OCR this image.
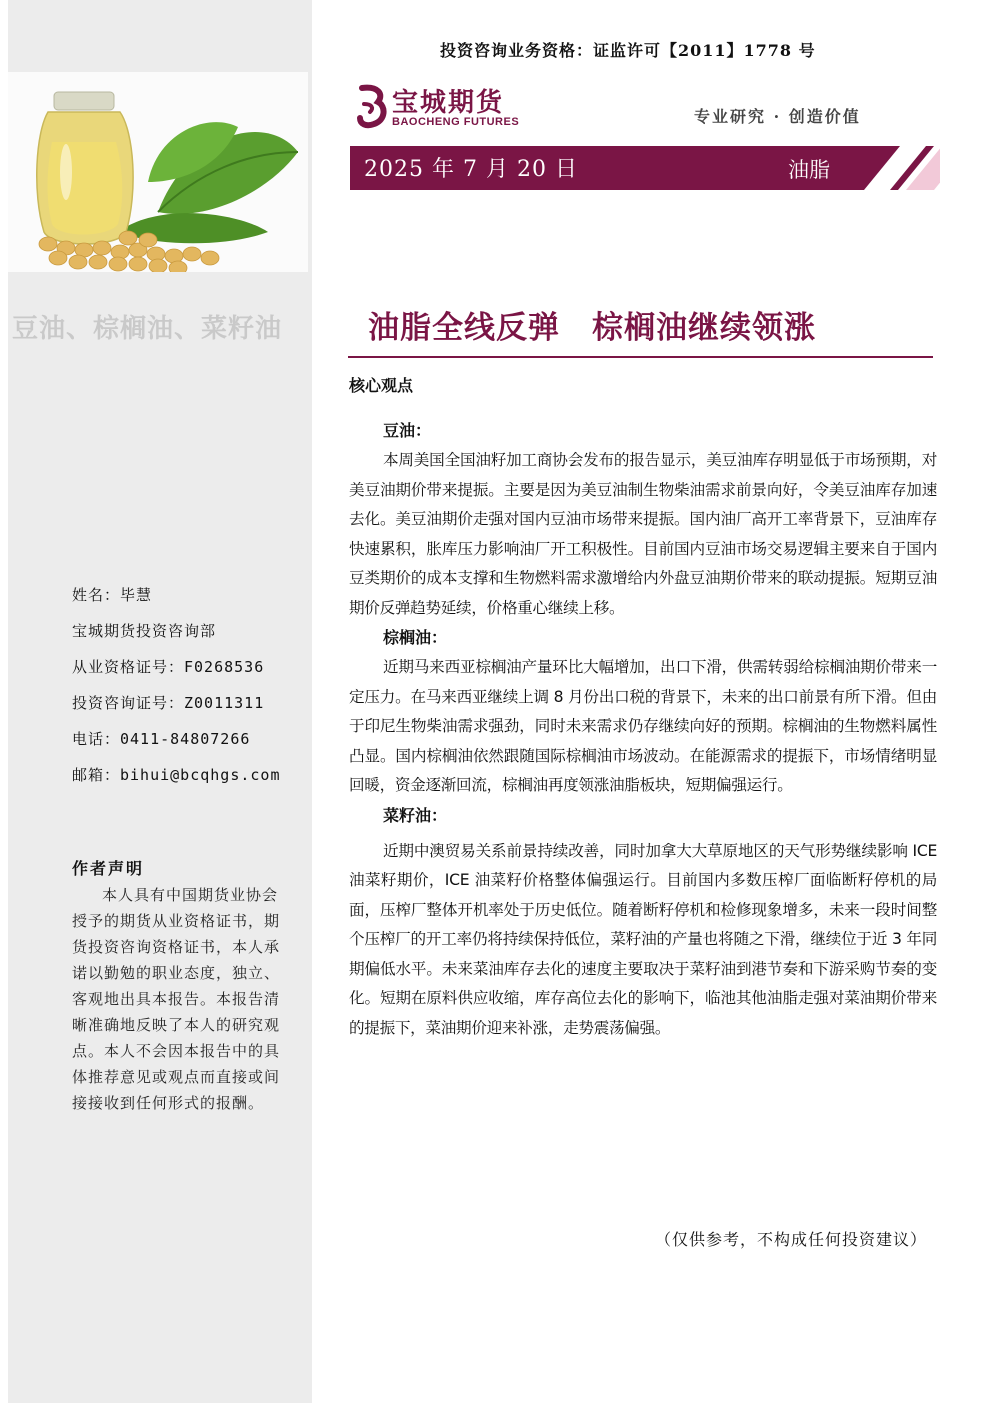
豆油、棕榈油、菜籽油
姓名：毕慧
宝城期货投资咨询部
从业资格证号：F0268536
投资咨询证号：Z0011311
电话：0411-84807266
邮箱：bihui@bcqhgs.com
作者声明
本人具有中国期货业协会授予的期货从业资格证书，期货投资咨询资格证书，本人承诺以勤勉的职业态度，独立、客观地出具本报告。本报告清晰准确地反映了本人的研究观点。本人不会因本报告中的具体推荐意见或观点而直接或间接接收到任何形式的报酬。
投资咨询业务资格：证监许可【2011】1778 号
宝城期货
BAOCHENG FUTURES	专业研究 · 创造价值
2025 年 7 月 20 日	油脂
油脂全线反弹　棕榈油继续领涨
核心观点
豆油：

本周美国全国油籽加工商协会发布的报告显示，美豆油库存明显低于市场预期，对美豆油期价带来提振。主要是因为美豆油制生物柴油需求前景向好，令美豆油库存加速去化。美豆油期价走强对国内豆油市场带来提振。国内油厂高开工率背景下，豆油库存快速累积，胀库压力影响油厂开工积极性。目前国内豆油市场交易逻辑主要来自于国内豆类期价的成本支撑和生物燃料需求激增给内外盘豆油期价带来的联动提振。短期豆油期价反弹趋势延续，价格重心继续上移。

棕榈油：

近期马来西亚棕榈油产量环比大幅增加，出口下滑，供需转弱给棕榈油期价带来一定压力。在马来西亚继续上调 8 月份出口税的背景下，未来的出口前景有所下滑。但由于印尼生物柴油需求强劲，同时未来需求仍存继续向好的预期。棕榈油的生物燃料属性凸显。国内棕榈油依然跟随国际棕榈油市场波动。在能源需求的提振下，市场情绪明显回暖，资金逐渐回流，棕榈油再度领涨油脂板块，短期偏强运行。

菜籽油：

近期中澳贸易关系前景持续改善，同时加拿大大草原地区的天气形势继续影响 ICE 油菜籽期价，ICE 油菜籽价格整体偏强运行。目前国内多数压榨厂面临断籽停机的局面，压榨厂整体开机率处于历史低位。随着断籽停机和检修现象增多，未来一段时间整个压榨厂的开工率仍将持续保持低位，菜籽油的产量也将随之下滑，继续位于近 3 年同期偏低水平。未来菜油库存去化的速度主要取决于菜籽油到港节奏和下游采购节奏的变化。短期在原料供应收缩，库存高位去化的影响下，临池其他油脂走强对菜油期价带来的提振下，菜油期价迎来补涨，走势震荡偏强。

（仅供参考，不构成任何投资建议）
